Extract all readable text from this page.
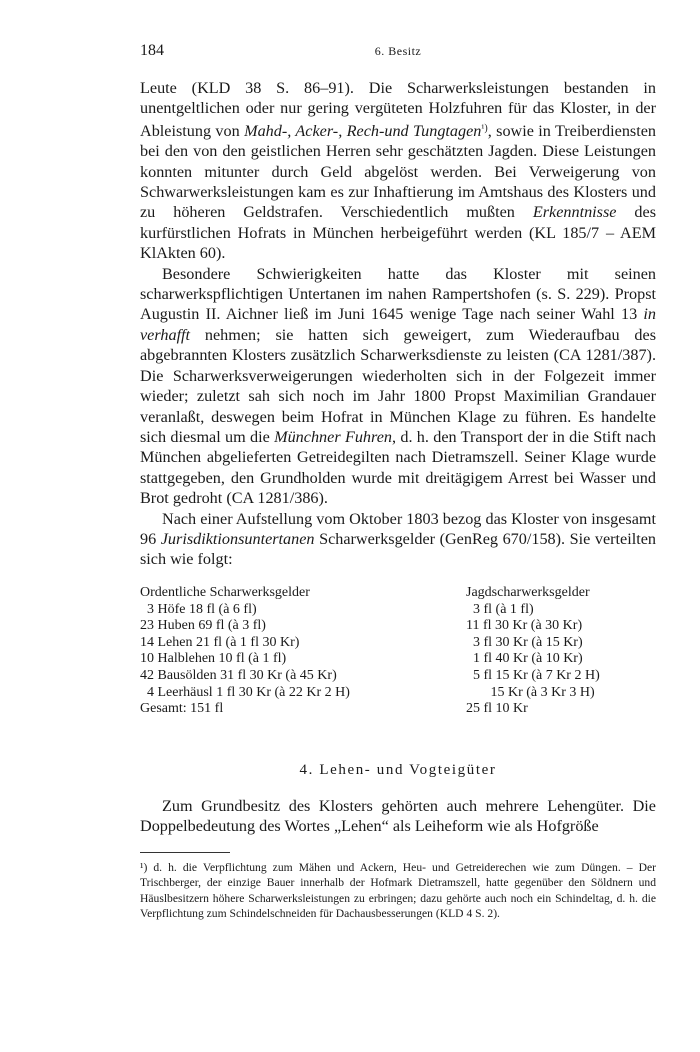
184	6. Besitz

Leute (KLD 38 S. 86–91). Die Scharwerksleistungen bestanden in unentgeltlichen oder nur gering vergüteten Holzfuhren für das Kloster, in der Ableistung von Mahd-, Acker-, Rech-und Tungtagen$^{^1)}$, sowie in Treiberdiensten bei den von den geistlichen Herren sehr geschätzten Jagden. Diese Leistungen konnten mitunter durch Geld abgelöst werden. Bei Verweigerung von Schwarwerksleistungen kam es zur Inhaftierung im Amtshaus des Klosters und zu höheren Geldstrafen. Verschiedentlich mußten Erkenntnisse des kurfürstlichen Hofrats in München herbeigeführt werden (KL 185/7 – AEM KlAkten 60).

Besondere Schwierigkeiten hatte das Kloster mit seinen scharwerkspflichtigen Untertanen im nahen Rampertshofen (s. S. 229). Propst Augustin II. Aichner ließ im Juni 1645 wenige Tage nach seiner Wahl 13 in verhafft nehmen; sie hatten sich geweigert, zum Wiederaufbau des abgebrannten Klosters zusätzlich Scharwerksdienste zu leisten (CA 1281/387). Die Scharwerksverweigerungen wiederholten sich in der Folgezeit immer wieder; zuletzt sah sich noch im Jahr 1800 Propst Maximilian Grandauer veranlaßt, deswegen beim Hofrat in München Klage zu führen. Es handelte sich diesmal um die Münchner Fuhren, d. h. den Transport der in die Stift nach München abgelieferten Getreidegilten nach Dietramszell. Seiner Klage wurde stattgegeben, den Grundholden wurde mit dreitägigem Arrest bei Wasser und Brot gedroht (CA 1281/386).

Nach einer Aufstellung vom Oktober 1803 bezog das Kloster von insgesamt 96 Jurisdiktionsuntertanen Scharwerksgelder (GenReg 670/158). Sie verteilten sich wie folgt:

Ordentliche Scharwerksgelder
3 Höfe 18 fl (à 6 fl)
23 Huben 69 fl (à 3 fl)
14 Lehen 21 fl (à 1 fl 30 Kr)
10 Halblehen 10 fl (à 1 fl)
42 Bausölden 31 fl 30 Kr (à 45 Kr)
4 Leerhäusl 1 fl 30 Kr (à 22 Kr 2 H)
Gesamt: 151 fl
Jagdscharwerksgelder
3 fl (à 1 fl)
11 fl 30 Kr (à 30 Kr)
3 fl 30 Kr (à 15 Kr)
1 fl 40 Kr (à 10 Kr)
5 fl 15 Kr (à 7 Kr 2 H)
15 Kr (à 3 Kr 3 H)
25 fl 10 Kr
4. Lehen- und Vogteigüter

Zum Grundbesitz des Klosters gehörten auch mehrere Lehengüter. Die Doppelbedeutung des Wortes „Lehen“ als Leiheform wie als Hofgröße

¹) d. h. die Verpflichtung zum Mähen und Ackern, Heu- und Getreiderechen wie zum Düngen. – Der Trischberger, der einzige Bauer innerhalb der Hofmark Dietramszell, hatte gegenüber den Söldnern und Häuslbesitzern höhere Scharwerksleistungen zu erbringen; dazu gehörte auch noch ein Schindeltag, d. h. die Verpflichtung zum Schindelschneiden für Dachausbesserungen (KLD 4 S. 2).
